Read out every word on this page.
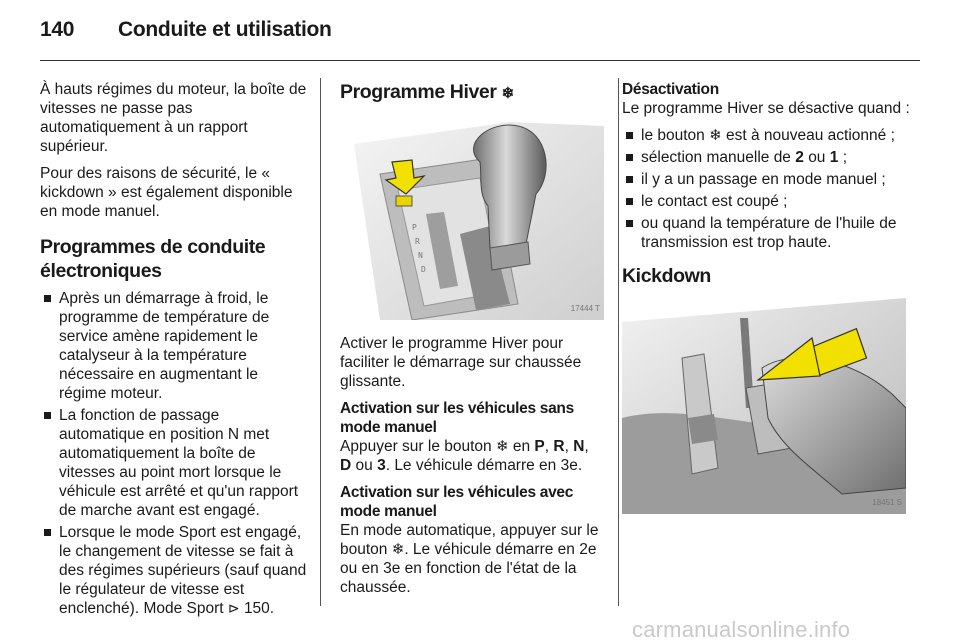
140 Conduite et utilisation

À hauts régimes du moteur, la boîte de vitesses ne passe pas automatiquement à un rapport supérieur.

Pour des raisons de sécurité, le « kickdown » est également disponible en mode manuel.

Programmes de conduite électroniques
Après un démarrage à froid, le programme de température de service amène rapidement le catalyseur à la température nécessaire en augmentant le régime moteur.
La fonction de passage automatique en position N met automatiquement la boîte de vitesses au point mort lorsque le véhicule est arrêté et qu'un rapport de marche avant est engagé.
Lorsque le mode Sport est engagé, le changement de vitesse se fait à des régimes supérieurs (sauf quand le régulateur de vitesse est enclenché). Mode Sport ⊳ 150.
Programme Hiver ❄
P
R
N
D
17444 T

Activer le programme Hiver pour faciliter le démarrage sur chaussée glissante.

Activation sur les véhicules sans mode manuel

Appuyer sur le bouton ❄ en P, R, N, D ou 3. Le véhicule démarre en 3e.

Activation sur les véhicules avec mode manuel

En mode automatique, appuyer sur le bouton ❄. Le véhicule démarre en 2e ou en 3e en fonction de l'état de la chaussée.

Désactivation

Le programme Hiver se désactive quand :

le bouton ❄ est à nouveau actionné ;
sélection manuelle de 2 ou 1 ;
il y a un passage en mode manuel ;
le contact est coupé ;
ou quand la température de l'huile de transmission est trop haute.
Kickdown
18451 S
carmanualsonline.info
